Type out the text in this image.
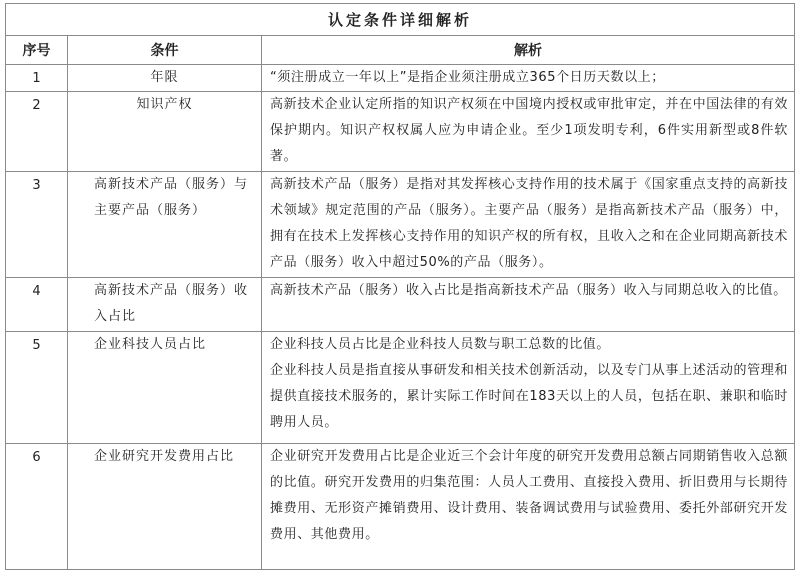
认定条件详细解析		
序号	条件	解析
1	年限	“须注册成立一年以上”是指企业须注册成立365个日历天数以上；

2	知识产权	高新技术企业认定所指的知识产权须在中国境内授权或审批审定，并在中国法律的有效保护期内。知识产权权属人应为申请企业。至少1项发明专利，6件实用新型或8件软著。

3	高新技术产品（服务）与主要产品（服务）	高新技术产品（服务）是指对其发挥核心支持作用的技术属于《国家重点支持的高新技术领域》规定范围的产品（服务）。主要产品（服务）是指高新技术产品（服务）中，拥有在技术上发挥核心支持作用的知识产权的所有权，且收入之和在企业同期高新技术产品（服务）收入中超过50%的产品（服务）。

4	高新技术产品（服务）收入占比	高新技术产品（服务）收入占比是指高新技术产品（服务）收入与同期总收入的比值。

5	企业科技人员占比	企业科技人员占比是企业科技人员数与职工总数的比值。

企业科技人员是指直接从事研发和相关技术创新活动，以及专门从事上述活动的管理和提供直接技术服务的，累计实际工作时间在183天以上的人员，包括在职、兼职和临时聘用人员。

6	企业研究开发费用占比	企业研究开发费用占比是企业近三个会计年度的研究开发费用总额占同期销售收入总额的比值。研究开发费用的归集范围：人员人工费用、直接投入费用、折旧费用与长期待摊费用、无形资产摊销费用、设计费用、装备调试费用与试验费用、委托外部研究开发费用、其他费用。
